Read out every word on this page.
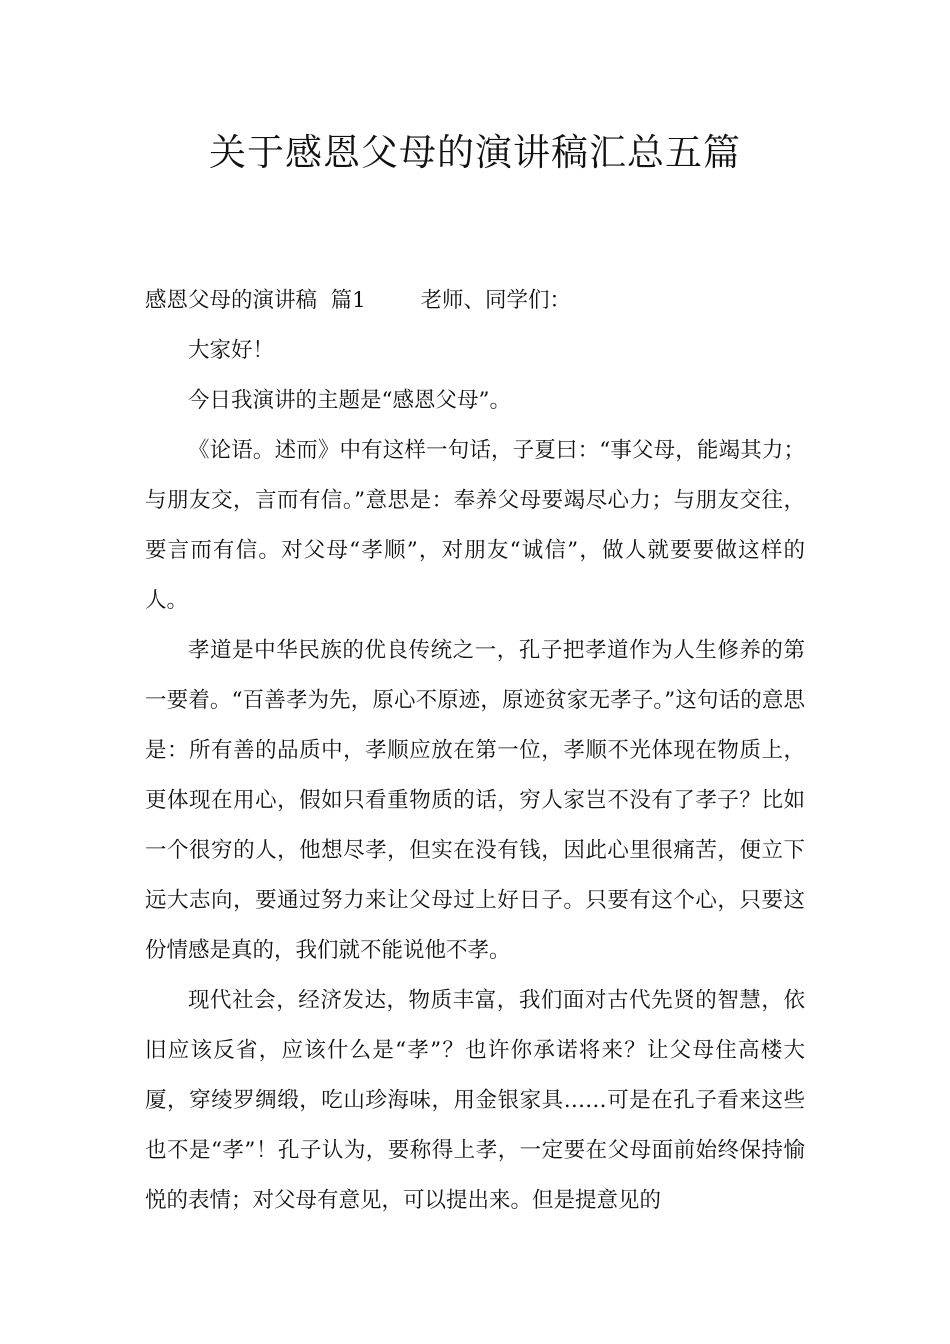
关于感恩父母的演讲稿汇总五篇

感恩父母的演讲稿  篇1        老师、同学们：

大家好！

今日我演讲的主题是“感恩父母”。

《论语。述而》中有这样一句话，子夏曰：“事父母，能竭其力；与朋友交，言而有信。”意思是：奉养父母要竭尽心力；与朋友交往，要言而有信。对父母“孝顺”，对朋友“诚信”，做人就要要做这样的人。

孝道是中华民族的优良传统之一，孔子把孝道作为人生修养的第一要着。“百善孝为先，原心不原迹，原迹贫家无孝子。”这句话的意思是：所有善的品质中，孝顺应放在第一位，孝顺不光体现在物质上，更体现在用心，假如只看重物质的话，穷人家岂不没有了孝子？比如一个很穷的人，他想尽孝，但实在没有钱，因此心里很痛苦，便立下远大志向，要通过努力来让父母过上好日子。只要有这个心，只要这份情感是真的，我们就不能说他不孝。

现代社会，经济发达，物质丰富，我们面对古代先贤的智慧，依旧应该反省，应该什么是“孝”？也许你承诺将来？让父母住高楼大厦，穿绫罗绸缎，吃山珍海味，用金银家具……可是在孔子看来这些也不是“孝”！孔子认为，要称得上孝，一定要在父母面前始终保持愉悦的表情；对父母有意见，可以提出来。但是提意见的
